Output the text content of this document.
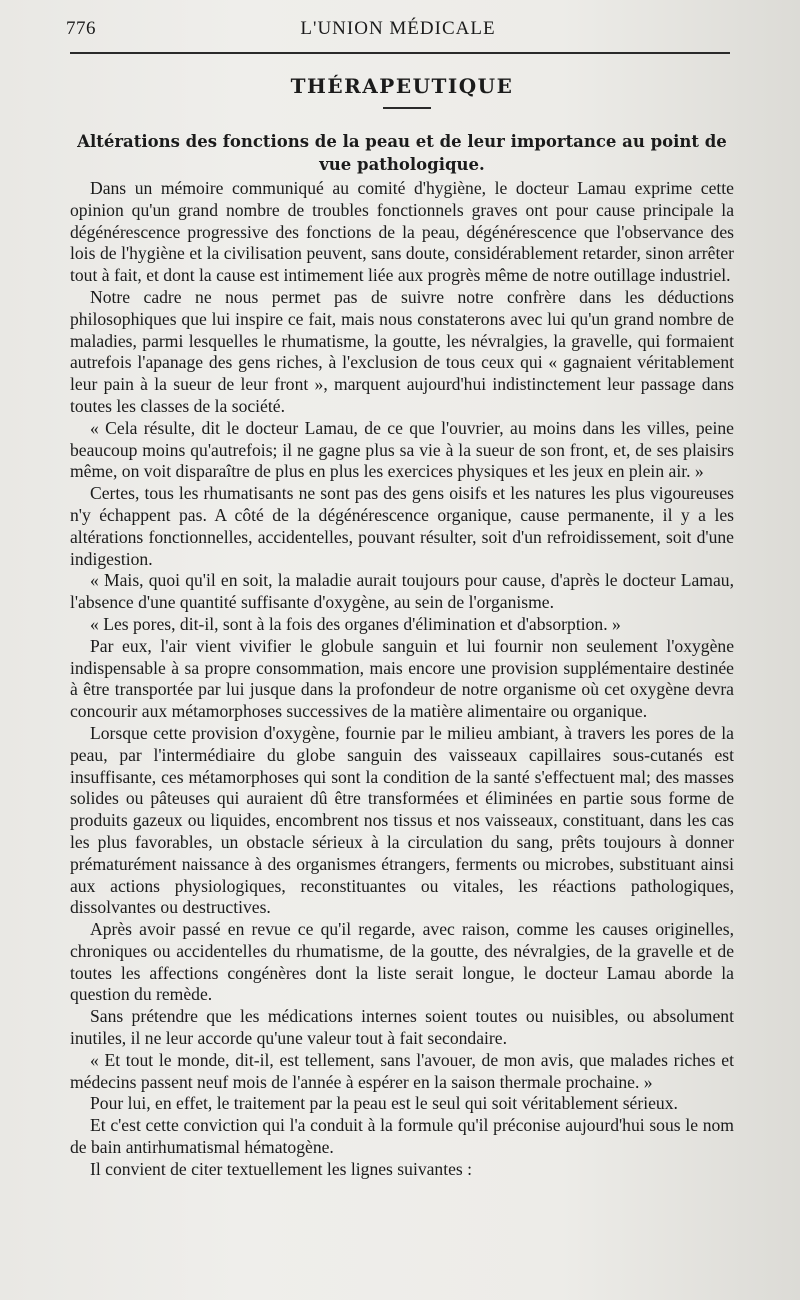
776	L'UNION MÉDICALE
THÉRAPEUTIQUE
Altérations des fonctions de la peau et de leur importance au point de vue pathologique.

Dans un mémoire communiqué au comité d'hygiène, le docteur Lamau exprime cette opinion qu'un grand nombre de troubles fonctionnels graves ont pour cause principale la dégénérescence progressive des fonctions de la peau, dégénérescence que l'observance des lois de l'hygiène et la civilisation peuvent, sans doute, considérablement retarder, sinon arrêter tout à fait, et dont la cause est intimement liée aux progrès même de notre outillage industriel.

Notre cadre ne nous permet pas de suivre notre confrère dans les déductions philosophiques que lui inspire ce fait, mais nous constaterons avec lui qu'un grand nombre de maladies, parmi lesquelles le rhumatisme, la goutte, les névralgies, la gravelle, qui formaient autrefois l'apanage des gens riches, à l'exclusion de tous ceux qui « gagnaient véritablement leur pain à la sueur de leur front », marquent aujourd'hui indistinctement leur passage dans toutes les classes de la société.

« Cela résulte, dit le docteur Lamau, de ce que l'ouvrier, au moins dans les villes, peine beaucoup moins qu'autrefois; il ne gagne plus sa vie à la sueur de son front, et, de ses plaisirs même, on voit disparaître de plus en plus les exercices physiques et les jeux en plein air. »

Certes, tous les rhumatisants ne sont pas des gens oisifs et les natures les plus vigoureuses n'y échappent pas. A côté de la dégénérescence organique, cause permanente, il y a les altérations fonctionnelles, accidentelles, pouvant résulter, soit d'un refroidissement, soit d'une indigestion.

« Mais, quoi qu'il en soit, la maladie aurait toujours pour cause, d'après le docteur Lamau, l'absence d'une quantité suffisante d'oxygène, au sein de l'organisme.

« Les pores, dit-il, sont à la fois des organes d'élimination et d'absorption. »

Par eux, l'air vient vivifier le globule sanguin et lui fournir non seulement l'oxygène indispensable à sa propre consommation, mais encore une provision supplémentaire destinée à être transportée par lui jusque dans la profondeur de notre organisme où cet oxygène devra concourir aux métamorphoses successives de la matière alimentaire ou organique.

Lorsque cette provision d'oxygène, fournie par le milieu ambiant, à travers les pores de la peau, par l'intermédiaire du globe sanguin des vaisseaux capillaires sous-cutanés est insuffisante, ces métamorphoses qui sont la condition de la santé s'effectuent mal; des masses solides ou pâteuses qui auraient dû être transformées et éliminées en partie sous forme de produits gazeux ou liquides, encombrent nos tissus et nos vaisseaux, constituant, dans les cas les plus favorables, un obstacle sérieux à la circulation du sang, prêts toujours à donner prématurément naissance à des organismes étrangers, ferments ou microbes, substituant ainsi aux actions physiologiques, reconstituantes ou vitales, les réactions pathologiques, dissolvantes ou destructives.

Après avoir passé en revue ce qu'il regarde, avec raison, comme les causes originelles, chroniques ou accidentelles du rhumatisme, de la goutte, des névralgies, de la gravelle et de toutes les affections congénères dont la liste serait longue, le docteur Lamau aborde la question du remède.

Sans prétendre que les médications internes soient toutes ou nuisibles, ou absolument inutiles, il ne leur accorde qu'une valeur tout à fait secondaire.

« Et tout le monde, dit-il, est tellement, sans l'avouer, de mon avis, que malades riches et médecins passent neuf mois de l'année à espérer en la saison thermale prochaine. »

Pour lui, en effet, le traitement par la peau est le seul qui soit véritablement sérieux.

Et c'est cette conviction qui l'a conduit à la formule qu'il préconise aujourd'hui sous le nom de bain antirhumatismal hématogène.

Il convient de citer textuellement les lignes suivantes :
